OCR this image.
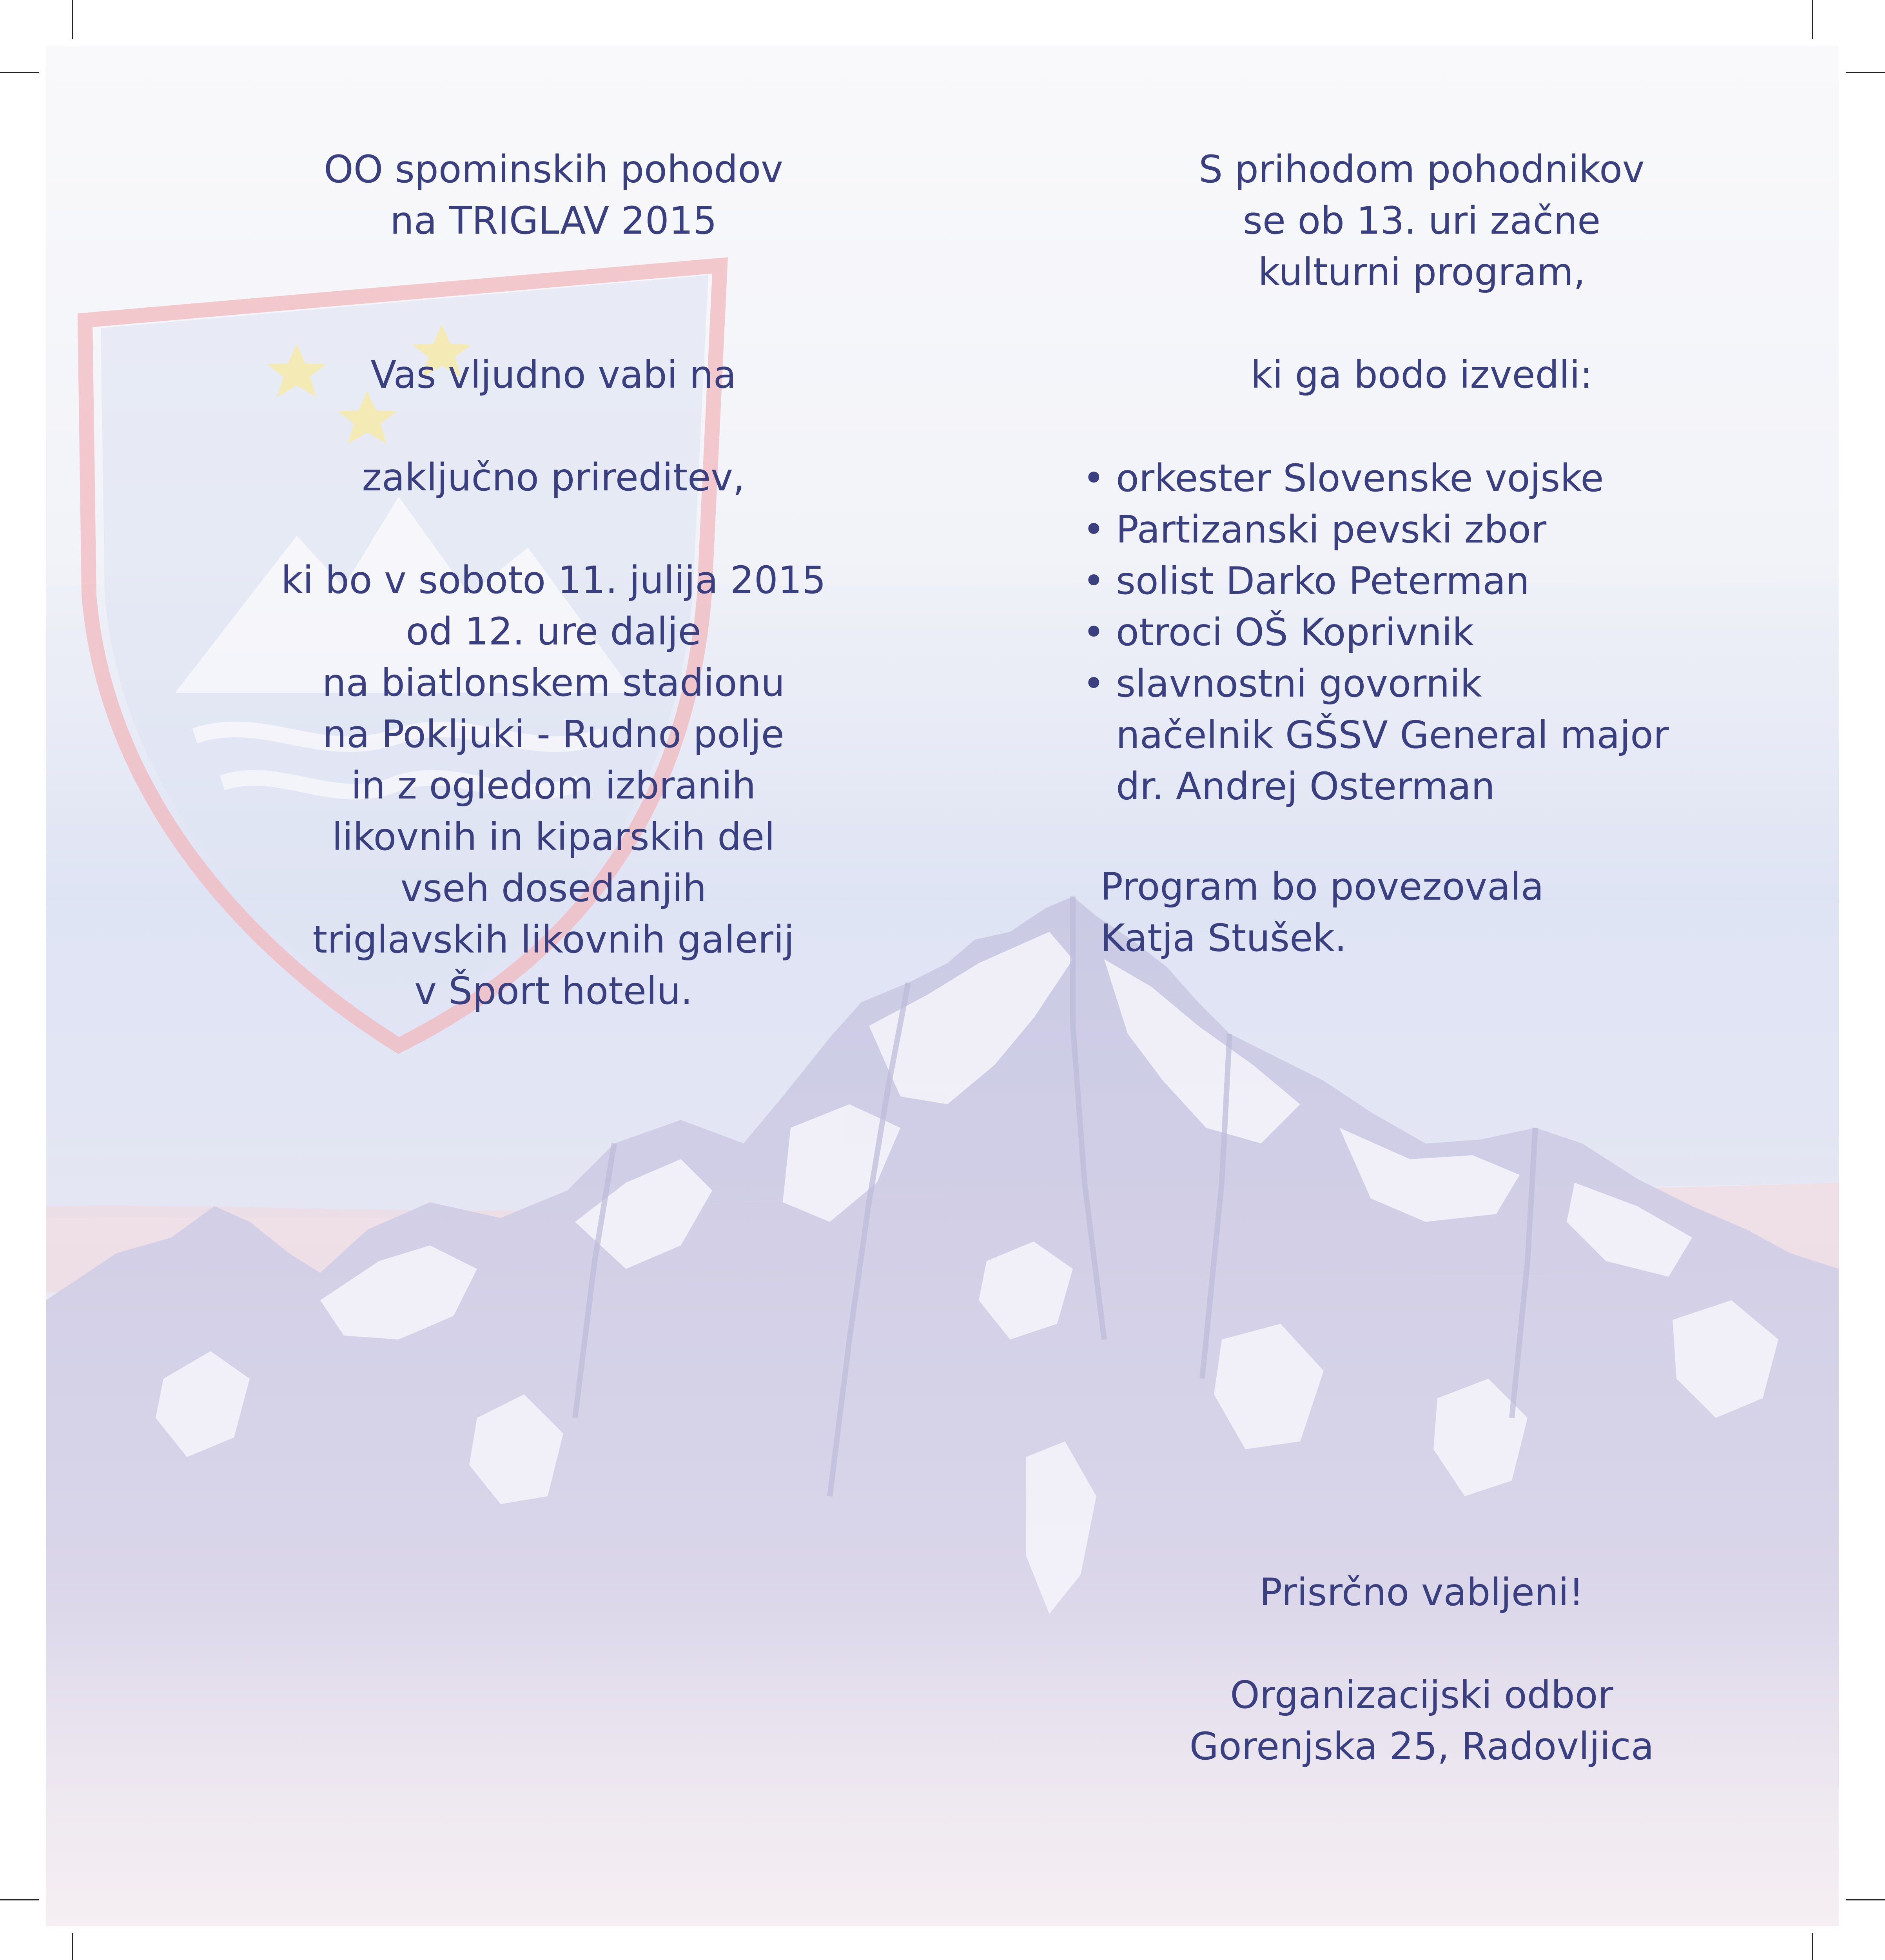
OO spominskih pohodov
na TRIGLAV 2015
Vas vljudno vabi na
zaključno prireditev,
ki bo v soboto 11. julija 2015
od 12. ure dalje
na biatlonskem stadionu
na Pokljuki - Rudno polje
in z ogledom izbranih
likovnih in kiparskih del
vseh dosedanjih
triglavskih likovnih galerij
v Šport hotelu.
S prihodom pohodnikov
se ob 13. uri začne
kulturni program,
ki ga bodo izvedli:
• orkester Slovenske vojske
• Partizanski pevski zbor
• solist Darko Peterman
• otroci OŠ Koprivnik
• slavnostni govornik
načelnik GŠSV General major
dr. Andrej Osterman
Program bo povezovala
Katja Stušek.
Prisrčno vabljeni!
Organizacijski odbor
Gorenjska 25, Radovljica
